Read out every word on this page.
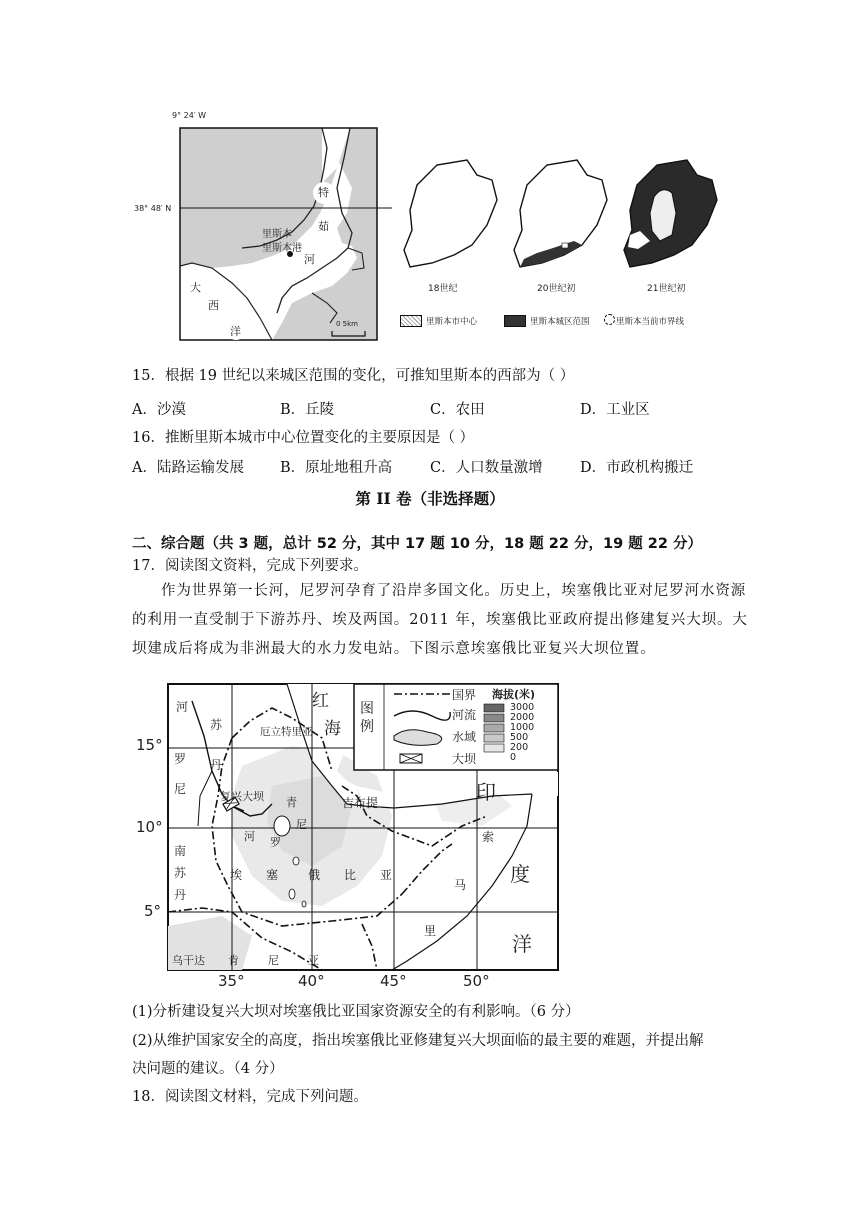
9° 24′ W
38° 48′ N
特
茹
河
里斯本
里斯本港
大
西
洋
0 5km
18世纪	20世纪初	21世纪初
里斯本市中心	里斯本城区范围	里斯本当前市界线
15．根据 19 世纪以来城区范围的变化，可推知里斯本的西部为（ ）
A．沙漠	B．丘陵	C．农田	D．工业区
16．推断里斯本城市中心位置变化的主要原因是（ ）
A．陆路运输发展 B．原址地租升高	C．人口数量激增	D．市政机构搬迁
第 II 卷（非选择题）
二、综合题（共 3 题，总计 52 分，其中 17 题 10 分，18 题 22 分，19 题 22 分）
17．阅读图文资料，完成下列要求。
作为世界第一长河，尼罗河孕育了沿岸多国文化。历史上，埃塞俄比亚对尼罗河水资源
的利用一直受制于下游苏丹、埃及两国。2011 年，埃塞俄比亚政府提出修建复兴大坝。大
坝建成后将成为非洲最大的水力发电站。下图示意埃塞俄比亚复兴大坝位置。
15°
10°
5°
35°	40°	45°	50°
图例
国界
河流
水域
大坝
海拔(米)
3000
2000
1000
500
200
0
河
苏
罗 丹
尼
红
海
厄立特里亚
复兴大坝 青
尼
河 罗
吉布提	印
度
洋
索
马
里
南
苏
丹
埃 塞 俄 比 亚
乌干达 肯	尼	亚
(1)分析建设复兴大坝对埃塞俄比亚国家资源安全的有利影响。（6 分）
(2)从维护国家安全的高度，指出埃塞俄比亚修建复兴大坝面临的最主要的难题，并提出解
决问题的建议。（4 分）
18．阅读图文材料，完成下列问题。
